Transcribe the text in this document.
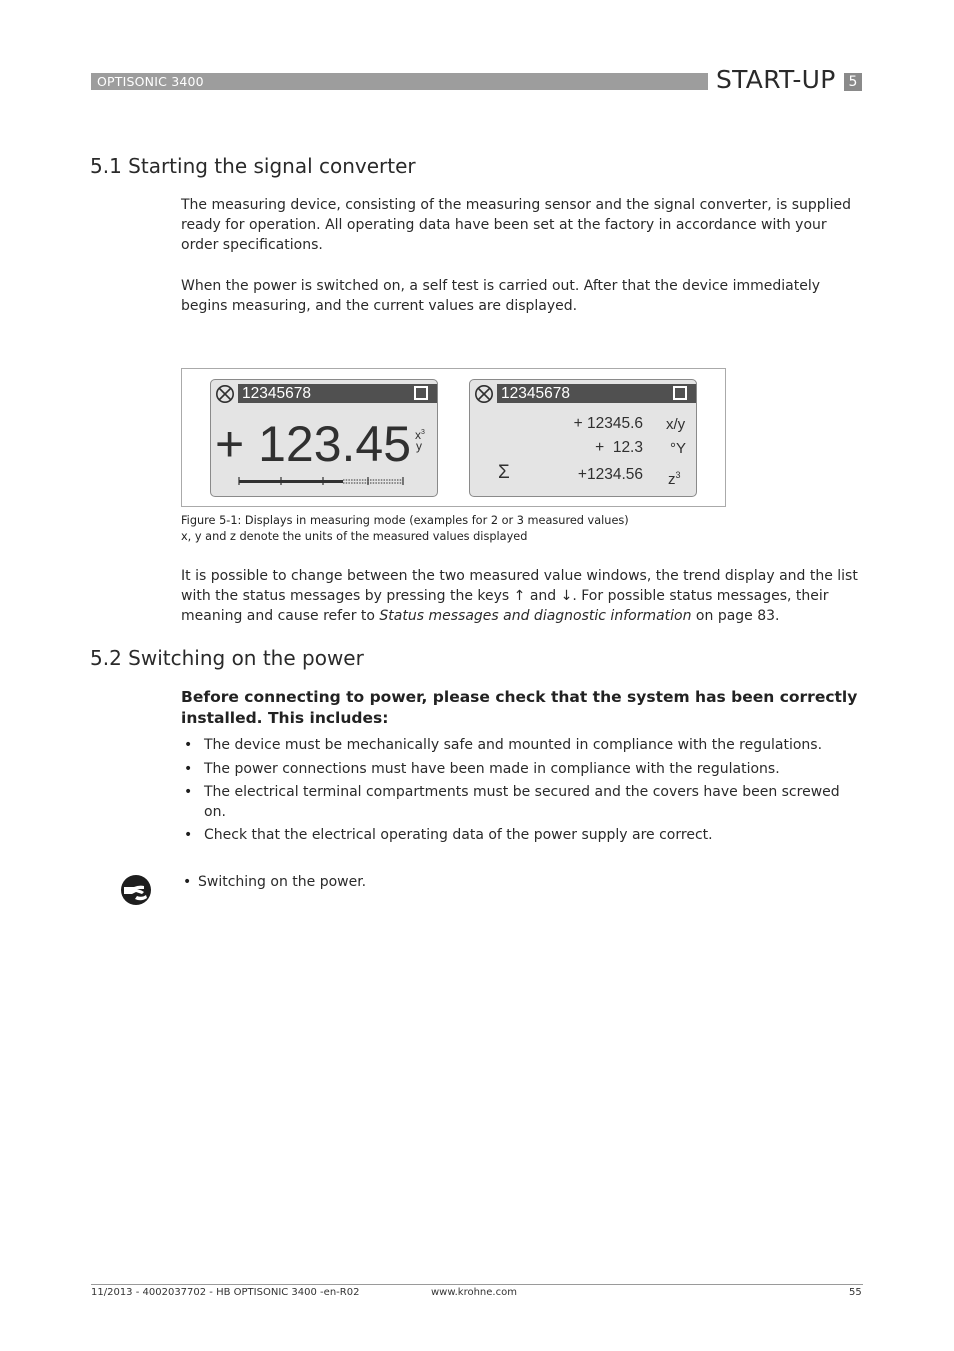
OPTISONIC 3400	START-UP 5
5.1 Starting the signal converter
The measuring device, consisting of the measuring sensor and the signal converter, is supplied ready for operation. All operating data have been set at the factory in accordance with your order specifications.
When the power is switched on, a self test is carried out. After that the device immediately begins measuring, and the current values are displayed.
12345678
+ 123.45 $x^3$
y
12345678
+ 12345.6 x/y
+  12.3 °Y
Σ	+1234.56 $z^3$
Figure 5-1: Displays in measuring mode (examples for 2 or 3 measured values)
x, y and z denote the units of the measured values displayed
It is possible to change between the two measured value windows, the trend display and the list with the status messages by pressing the keys ↑ and ↓. For possible status messages, their meaning and cause refer to Status messages and diagnostic information on page 83.
5.2 Switching on the power
Before connecting to power, please check that the system has been correctly installed. This includes:
• The device must be mechanically safe and mounted in compliance with the regulations.
• The power connections must have been made in compliance with the regulations.
• The electrical terminal compartments must be secured and the covers have been screwed on.
• Check that the electrical operating data of the power supply are correct.
• Switching on the power.
11/2013 - 4002037702 - HB OPTISONIC 3400 -en-R02	www.krohne.com	55
